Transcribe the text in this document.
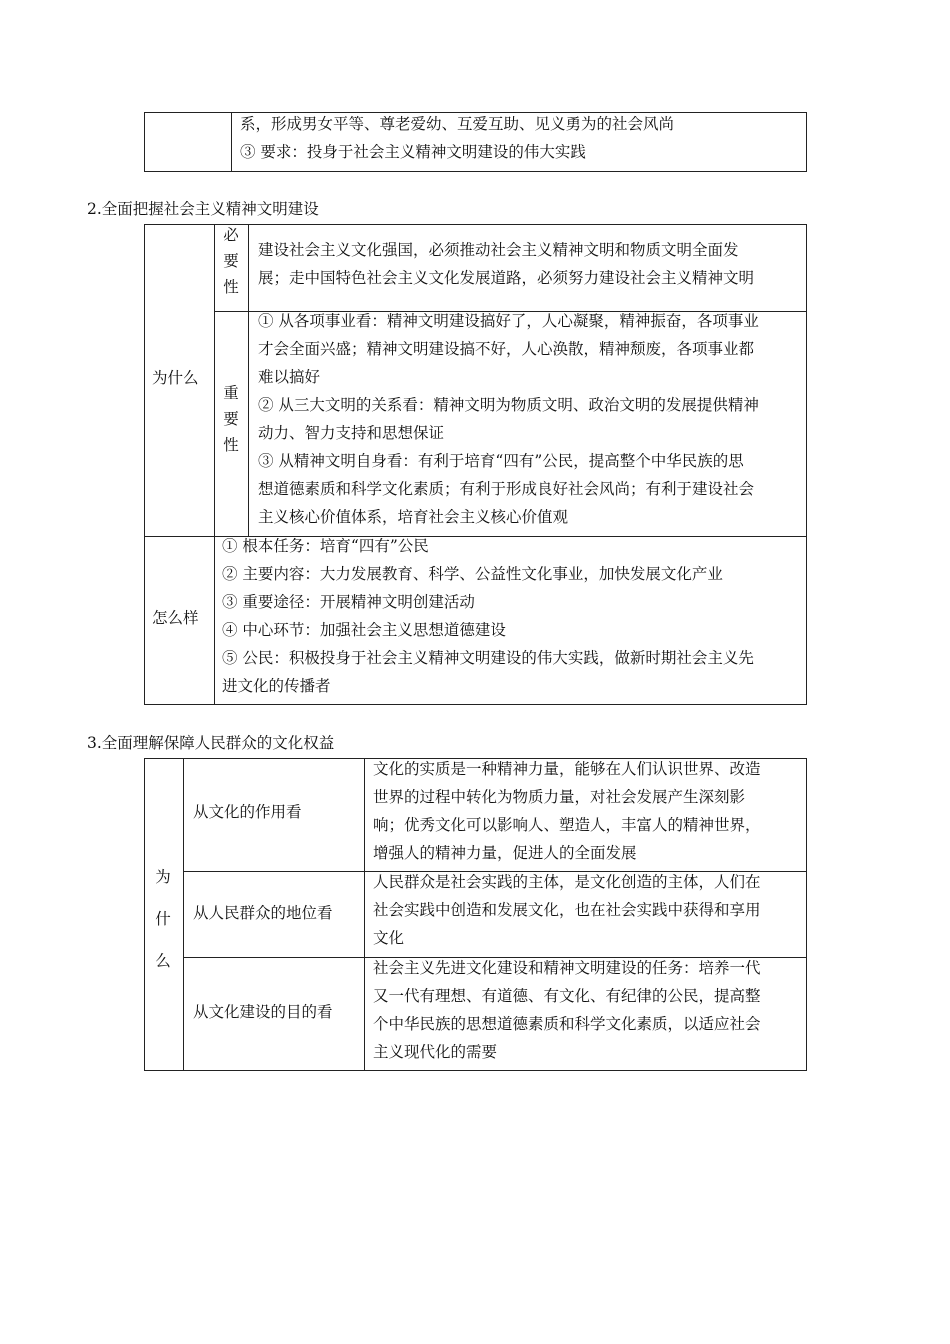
系，形成男女平等、尊老爱幼、互爱互助、见义勇为的社会风尚
③ 要求：投身于社会主义精神文明建设的伟大实践
2.全面把握社会主义精神文明建设
为什么
必
要
性
建设社会主义文化强国，必须推动社会主义精神文明和物质文明全面发
展；走中国特色社会主义文化发展道路，必须努力建设社会主义精神文明
重
要
性
① 从各项事业看：精神文明建设搞好了，人心凝聚，精神振奋，各项事业
才会全面兴盛；精神文明建设搞不好，人心涣散，精神颓废，各项事业都
难以搞好
② 从三大文明的关系看：精神文明为物质文明、政治文明的发展提供精神
动力、智力支持和思想保证
③ 从精神文明自身看：有利于培育“四有”公民，提高整个中华民族的思
想道德素质和科学文化素质；有利于形成良好社会风尚；有利于建设社会
主义核心价值体系，培育社会主义核心价值观
怎么样
① 根本任务：培育“四有”公民
② 主要内容：大力发展教育、科学、公益性文化事业，加快发展文化产业
③ 重要途径：开展精神文明创建活动
④ 中心环节：加强社会主义思想道德建设
⑤ 公民：积极投身于社会主义精神文明建设的伟大实践，做新时期社会主义先
进文化的传播者
3.全面理解保障人民群众的文化权益
为
什
么
从文化的作用看
文化的实质是一种精神力量，能够在人们认识世界、改造
世界的过程中转化为物质力量，对社会发展产生深刻影
响；优秀文化可以影响人、塑造人，丰富人的精神世界，
增强人的精神力量，促进人的全面发展
从人民群众的地位看
人民群众是社会实践的主体，是文化创造的主体，人们在
社会实践中创造和发展文化，也在社会实践中获得和享用
文化
从文化建设的目的看
社会主义先进文化建设和精神文明建设的任务：培养一代
又一代有理想、有道德、有文化、有纪律的公民，提高整
个中华民族的思想道德素质和科学文化素质，以适应社会
主义现代化的需要
